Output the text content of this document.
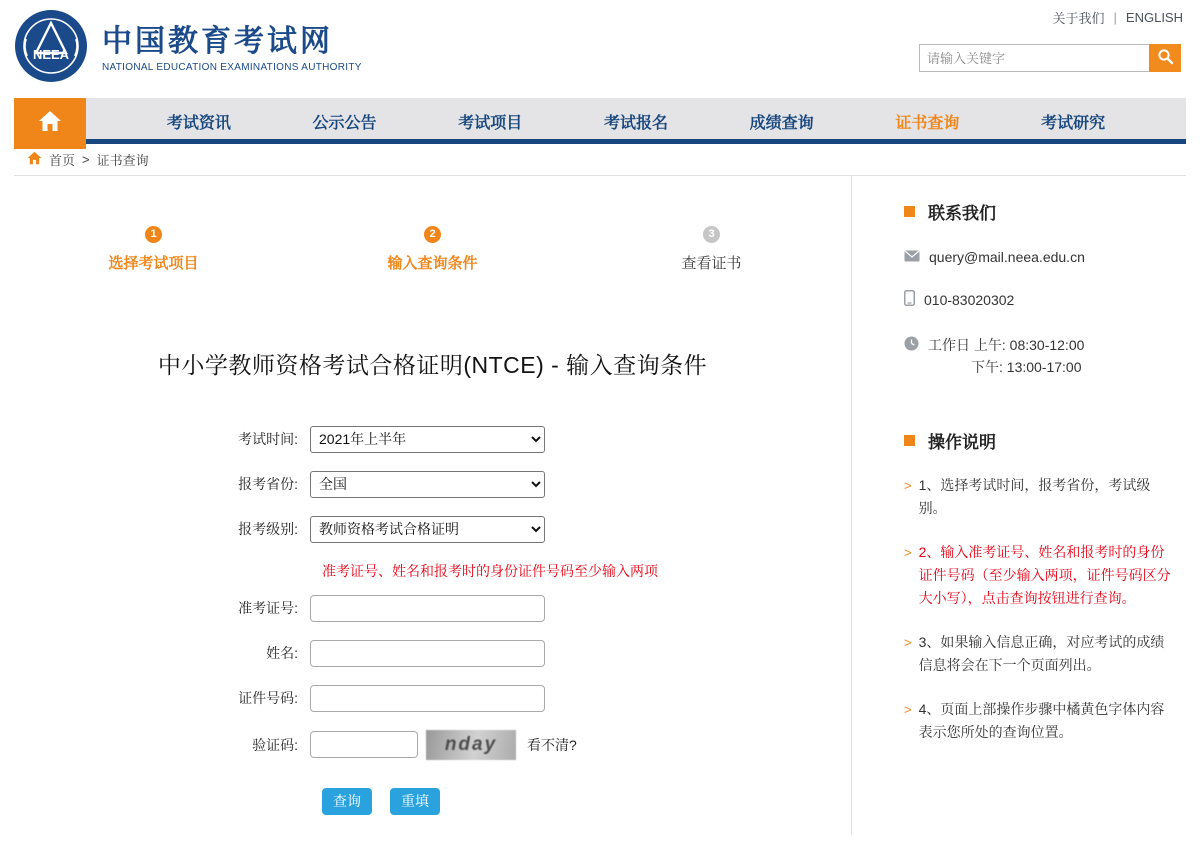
NEEA 中国教育考试网
NATIONAL EDUCATION EXAMINATIONS AUTHORITY
关于我们 | ENGLISH
请输入关键字
考试资讯	公示公告	考试项目	考试报名	成绩查询	证书查询	考试研究
首页 > 证书查询
1
选择考试项目
2
输入查询条件
3
查看证书
中小学教师资格考试合格证明(NTCE) - 输入查询条件
考试时间:
2021年上半年
报考省份:
全国
报考级别:
教师资格考试合格证明
准考证号、姓名和报考时的身份证件号码至少输入两项
准考证号:
姓名:
证件号码:
验证码:	nday	看不清?
查询	重填
联系我们
query@mail.neea.edu.cn
010-83020302
工作日 上午: 08:30-12:00
下午: 13:00-17:00
操作说明
> 1、选择考试时间，报考省份，考试级别。
> 2、输入准考证号、姓名和报考时的身份证件号码（至少输入两项，证件号码区分大小写），点击查询按钮进行查询。
> 3、如果输入信息正确，对应考试的成绩信息将会在下一个页面列出。
> 4、页面上部操作步骤中橘黄色字体内容表示您所处的查询位置。
